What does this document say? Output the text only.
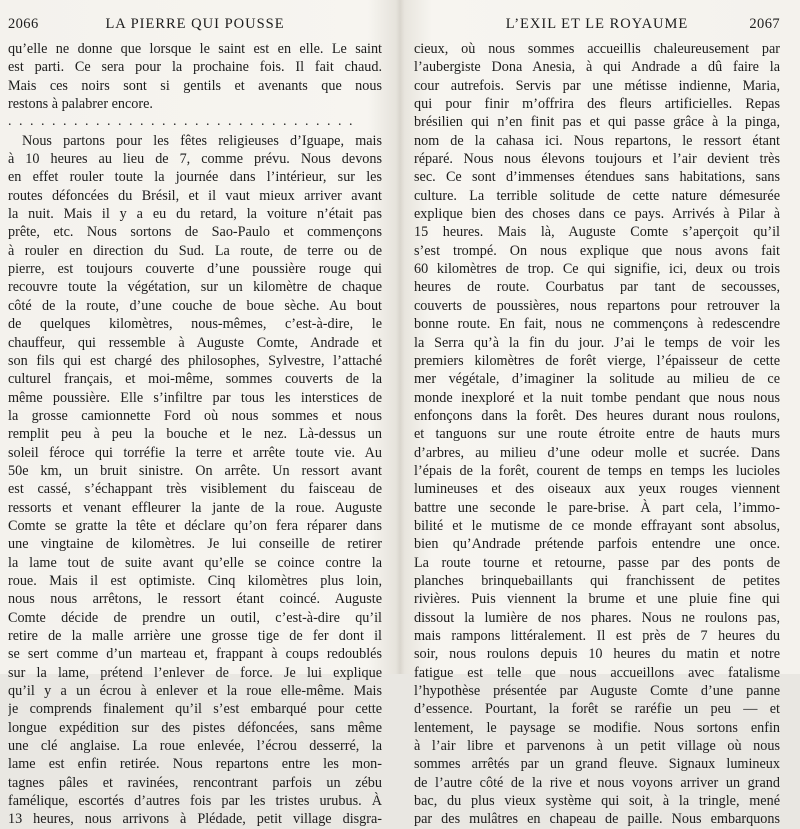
2066	LA PIERRE QUI POUSSE
qu’elle ne donne que lorsque le saint est en elle. Le saint
est parti. Ce sera pour la prochaine fois. Il fait chaud.
Mais ces noirs sont si gentils et avenants que nous
restons à palabrer encore.
. . . . . . . . . . . . . . . . . . . . . . . . . . . . . . . .
Nous partons pour les fêtes religieuses d’Iguape, mais
à 10 heures au lieu de 7, comme prévu. Nous devons
en effet rouler toute la journée dans l’intérieur, sur les
routes défoncées du Brésil, et il vaut mieux arriver avant
la nuit. Mais il y a eu du retard, la voiture n’était pas
prête, etc. Nous sortons de Sao-Paulo et commençons
à rouler en direction du Sud. La route, de terre ou de
pierre, est toujours couverte d’une poussière rouge qui
recouvre toute la végétation, sur un kilomètre de chaque
côté de la route, d’une couche de boue sèche. Au bout
de quelques kilomètres, nous-mêmes, c’est-à-dire, le
chauffeur, qui ressemble à Auguste Comte, Andrade et
son fils qui est chargé des philosophes, Sylvestre, l’attaché
culturel français, et moi-même, sommes couverts de la
même poussière. Elle s’infiltre par tous les interstices de
la grosse camionnette Ford où nous sommes et nous
remplit peu à peu la bouche et le nez. Là-dessus un
soleil féroce qui torréfie la terre et arrête toute vie. Au
50e km, un bruit sinistre. On arrête. Un ressort avant
est cassé, s’échappant très visiblement du faisceau de
ressorts et venant effleurer la jante de la roue. Auguste
Comte se gratte la tête et déclare qu’on fera réparer dans
une vingtaine de kilomètres. Je lui conseille de retirer
la lame tout de suite avant qu’elle se coince contre la
roue. Mais il est optimiste. Cinq kilomètres plus loin,
nous nous arrêtons, le ressort étant coincé. Auguste
Comte décide de prendre un outil, c’est-à-dire qu’il
retire de la malle arrière une grosse tige de fer dont il
se sert comme d’un marteau et, frappant à coups redoublés
sur la lame, prétend l’enlever de force. Je lui explique
qu’il y a un écrou à enlever et la roue elle-même. Mais
je comprends finalement qu’il s’est embarqué pour cette
longue expédition sur des pistes défoncées, sans même
une clé anglaise. La roue enlevée, l’écrou desserré, la
lame est enfin retirée. Nous repartons entre les mon-
tagnes pâles et ravinées, rencontrant parfois un zébu
famélique, escortés d’autres fois par les tristes urubus. À
13 heures, nous arrivons à Plédade, petit village disgra-
L’EXIL ET LE ROYAUME	2067
cieux, où nous sommes accueillis chaleureusement par
l’aubergiste Dona Anesia, à qui Andrade a dû faire la
cour autrefois. Servis par une métisse indienne, Maria,
qui pour finir m’offrira des fleurs artificielles. Repas
brésilien qui n’en finit pas et qui passe grâce à la pinga,
nom de la cahasa ici. Nous repartons, le ressort étant
réparé. Nous nous élevons toujours et l’air devient très
sec. Ce sont d’immenses étendues sans habitations, sans
culture. La terrible solitude de cette nature démesurée
explique bien des choses dans ce pays. Arrivés à Pilar à
15 heures. Mais là, Auguste Comte s’aperçoit qu’il
s’est trompé. On nous explique que nous avons fait
60 kilomètres de trop. Ce qui signifie, ici, deux ou trois
heures de route. Courbatus par tant de secousses,
couverts de poussières, nous repartons pour retrouver la
bonne route. En fait, nous ne commençons à redescendre
la Serra qu’à la fin du jour. J’ai le temps de voir les
premiers kilomètres de forêt vierge, l’épaisseur de cette
mer végétale, d’imaginer la solitude au milieu de ce
monde inexploré et la nuit tombe pendant que nous nous
enfonçons dans la forêt. Des heures durant nous roulons,
et tanguons sur une route étroite entre de hauts murs
d’arbres, au milieu d’une odeur molle et sucrée. Dans
l’épais de la forêt, courent de temps en temps les lucioles
lumineuses et des oiseaux aux yeux rouges viennent
battre une seconde le pare-brise. À part cela, l’immo-
bilité et le mutisme de ce monde effrayant sont absolus,
bien qu’Andrade prétende parfois entendre une once.
La route tourne et retourne, passe par des ponts de
planches brinquebaillants qui franchissent de petites
rivières. Puis viennent la brume et une pluie fine qui
dissout la lumière de nos phares. Nous ne roulons pas,
mais rampons littéralement. Il est près de 7 heures du
soir, nous roulons depuis 10 heures du matin et notre
fatigue est telle que nous accueillons avec fatalisme
l’hypothèse présentée par Auguste Comte d’une panne
d’essence. Pourtant, la forêt se raréfie un peu — et
lentement, le paysage se modifie. Nous sortons enfin
à l’air libre et parvenons à un petit village où nous
sommes arrêtés par un grand fleuve. Signaux lumineux
de l’autre côté de la rive et nous voyons arriver un grand
bac, du plus vieux système qui soit, à la tringle, mené
par des mulâtres en chapeau de paille. Nous embarquons
